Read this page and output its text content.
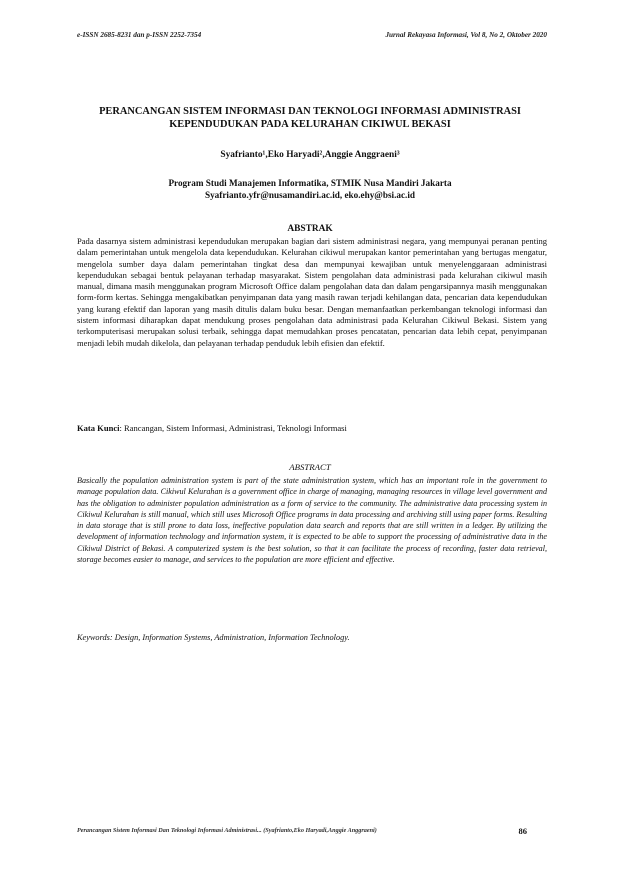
e-ISSN 2685-8231 dan p-ISSN 2252-7354	Jurnal Rekayasa Informasi, Vol 8, No 2, Oktober 2020
PERANCANGAN SISTEM INFORMASI DAN TEKNOLOGI INFORMASI ADMINISTRASI KEPENDUDUKAN PADA KELURAHAN CIKIWUL BEKASI
Syafrianto¹,Eko Haryadi²,Anggie Anggraeni³
Program Studi Manajemen Informatika, STMIK Nusa Mandiri Jakarta
Syafrianto.yfr@nusamandiri.ac.id, eko.ehy@bsi.ac.id
ABSTRAK
Pada dasarnya sistem administrasi kependudukan merupakan bagian dari sistem administrasi negara, yang mempunyai peranan penting dalam pemerintahan untuk mengelola data kependudukan. Kelurahan cikiwul merupakan kantor pemerintahan yang bertugas mengatur, mengelola sumber daya dalam pemerintahan tingkat desa dan mempunyai kewajiban untuk menyelenggaraan administrasi kependudukan sebagai bentuk pelayanan terhadap masyarakat. Sistem pengolahan data administrasi pada kelurahan cikiwul masih manual, dimana masih menggunakan program Microsoft Office dalam pengolahan data dan dalam pengarsipannya masih menggunakan form-form kertas. Sehingga mengakibatkan penyimpanan data yang masih rawan terjadi kehilangan data, pencarian data kependudukan yang kurang efektif dan laporan yang masih ditulis dalam buku besar. Dengan memanfaatkan perkembangan teknologi informasi dan sistem informasi diharapkan dapat mendukung proses pengolahan data administrasi pada Kelurahan Cikiwul Bekasi. Sistem yang terkomputerisasi merupakan solusi terbaik, sehingga dapat memudahkan proses pencatatan, pencarian data lebih cepat, penyimpanan menjadi lebih mudah dikelola, dan pelayanan terhadap penduduk lebih efisien dan efektif.
Kata Kunci: Rancangan, Sistem Informasi, Administrasi, Teknologi Informasi
ABSTRACT
Basically the population administration system is part of the state administration system, which has an important role in the government to manage population data. Cikiwul Kelurahan is a government office in charge of managing, managing resources in village level government and has the obligation to administer population administration as a form of service to the community. The administrative data processing system in Cikiwul Kelurahan is still manual, which still uses Microsoft Office programs in data processing and archiving still using paper forms. Resulting in data storage that is still prone to data loss, ineffective population data search and reports that are still written in a ledger. By utilizing the development of information technology and information system, it is expected to be able to support the processing of administrative data in the Cikiwul District of Bekasi. A computerized system is the best solution, so that it can facilitate the process of recording, faster data retrieval, storage becomes easier to manage, and services to the population are more efficient and effective.
Keywords: Design, Information Systems, Administration, Information Technology.
Perancangan Sistem Informasi Dan Teknologi Informasi Administrasi... (Syafrianto,Eko Haryadi,Anggie Anggraeni)	86
